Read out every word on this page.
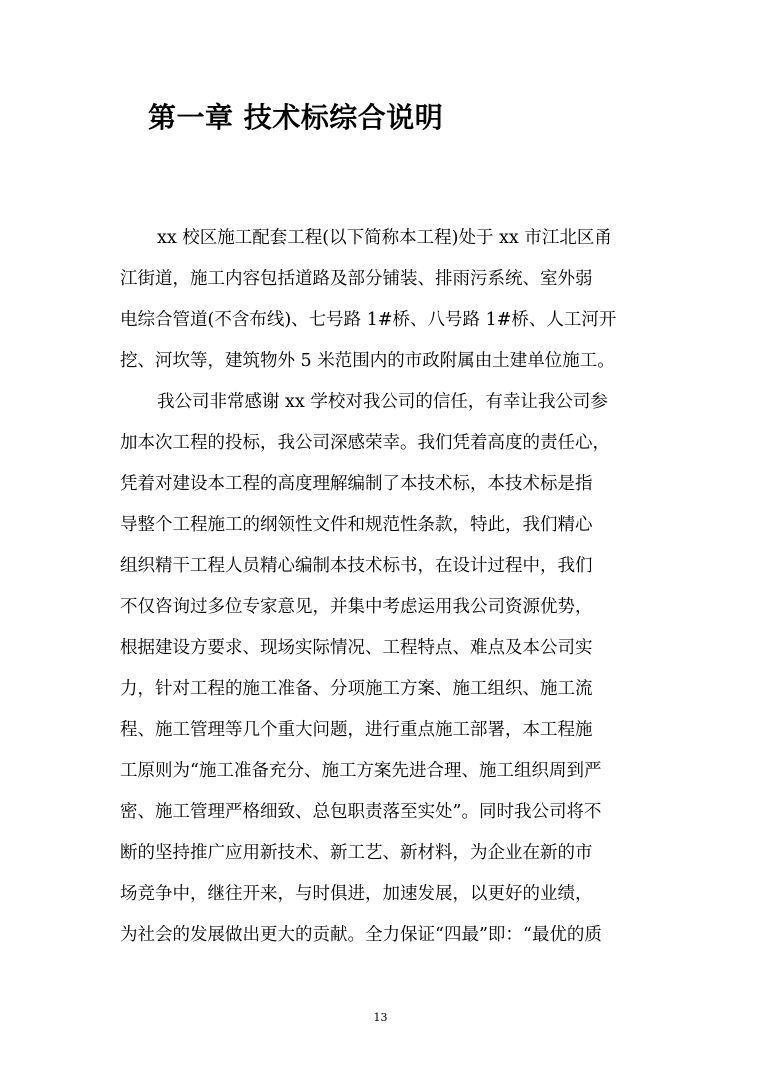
第一章 技术标综合说明
xx 校区施工配套工程(以下简称本工程)处于 xx 市江北区甬
江街道，施工内容包括道路及部分铺装、排雨污系统、室外弱
电综合管道(不含布线)、七号路 1#桥、八号路 1#桥、人工河开
挖、河坎等，建筑物外 5 米范围内的市政附属由土建单位施工。
我公司非常感谢 xx 学校对我公司的信任，有幸让我公司参
加本次工程的投标，我公司深感荣幸。我们凭着高度的责任心，
凭着对建设本工程的高度理解编制了本技术标，本技术标是指
导整个工程施工的纲领性文件和规范性条款，特此，我们精心
组织精干工程人员精心编制本技术标书，在设计过程中，我们
不仅咨询过多位专家意见，并集中考虑运用我公司资源优势，
根据建设方要求、现场实际情况、工程特点、难点及本公司实
力，针对工程的施工准备、分项施工方案、施工组织、施工流
程、施工管理等几个重大问题，进行重点施工部署，本工程施
工原则为“施工准备充分、施工方案先进合理、施工组织周到严
密、施工管理严格细致、总包职责落至实处”。同时我公司将不
断的坚持推广应用新技术、新工艺、新材料，为企业在新的市
场竞争中，继往开来，与时俱进，加速发展，以更好的业绩，
为社会的发展做出更大的贡献。全力保证“四最”即：“最优的质
13
